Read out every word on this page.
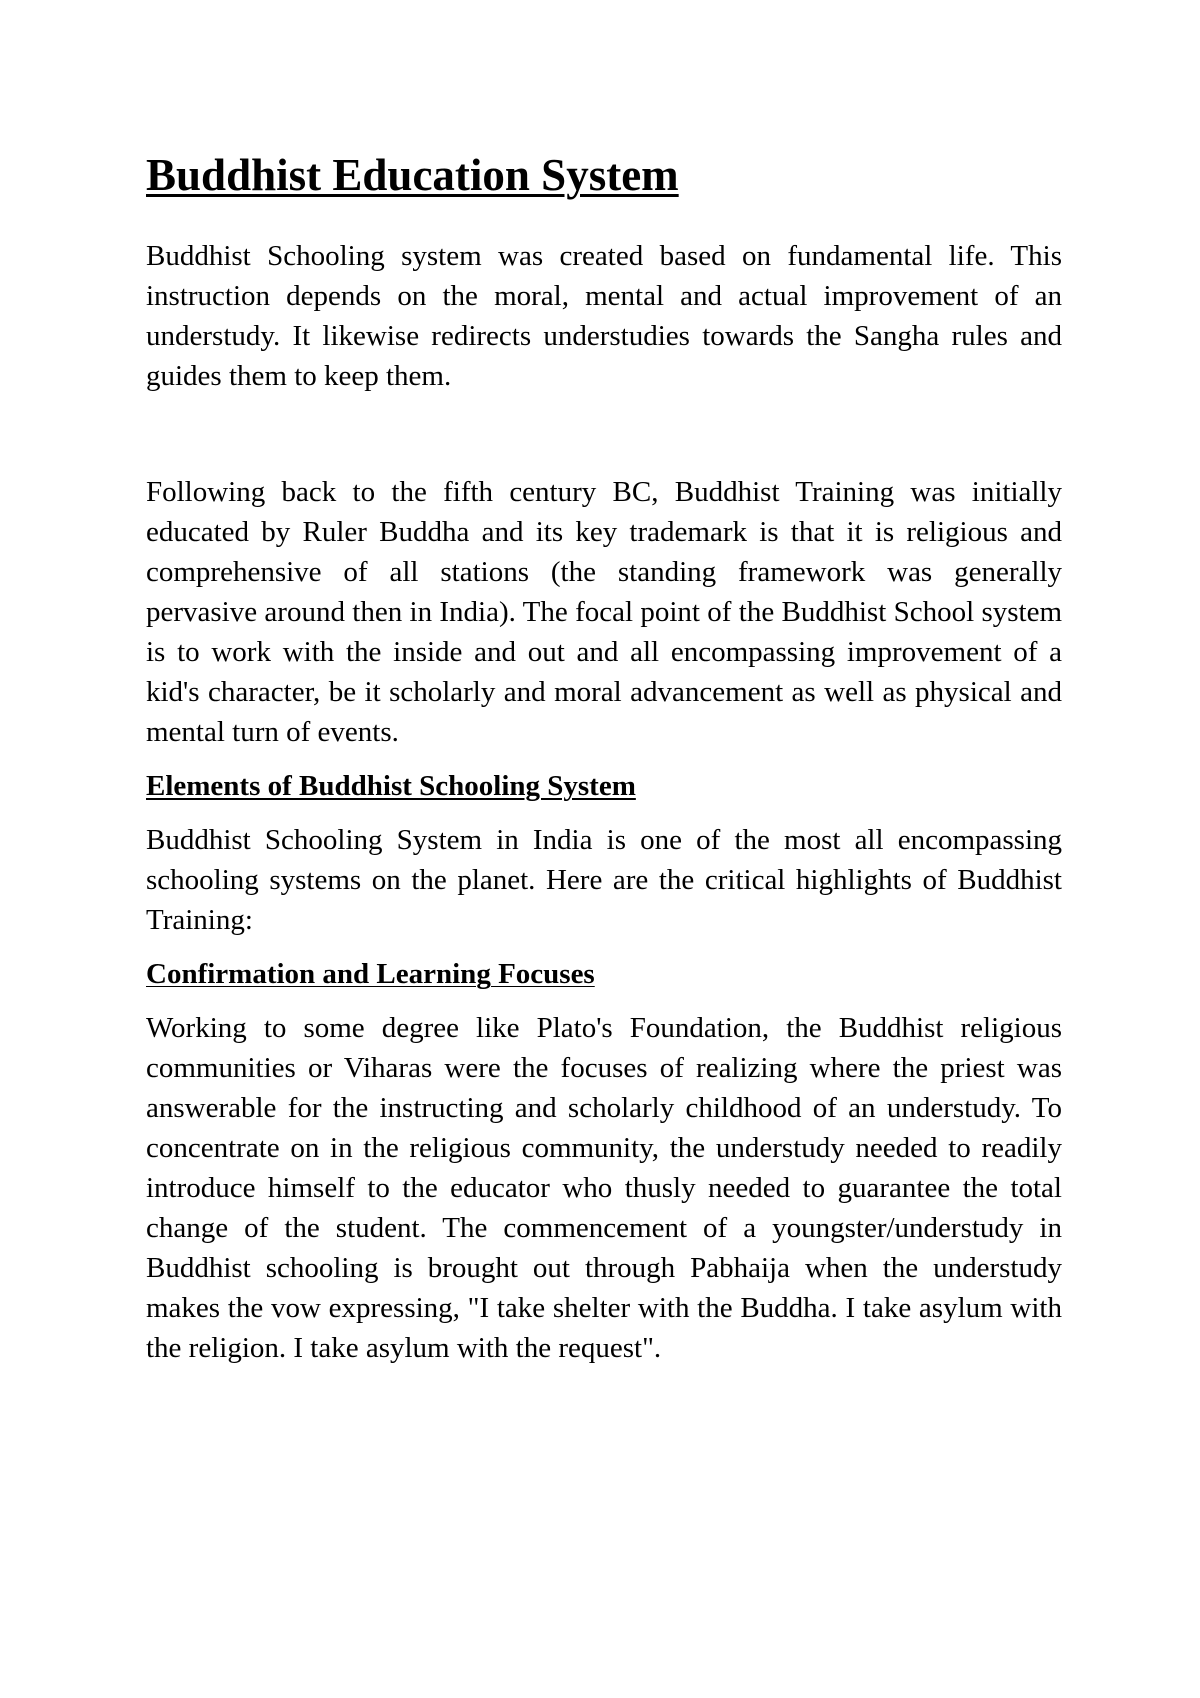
Buddhist Education System

Buddhist Schooling system was created based on fundamental life. This instruction depends on the moral, mental and actual improvement of an understudy. It likewise redirects understudies towards the Sangha rules and guides them to keep them.

Following back to the fifth century BC, Buddhist Training was initially educated by Ruler Buddha and its key trademark is that it is religious and comprehensive of all stations (the standing framework was generally pervasive around then in India). The focal point of the Buddhist School system is to work with the inside and out and all encompassing improvement of a kid's character, be it scholarly and moral advancement as well as physical and mental turn of events.

Elements of Buddhist Schooling System

Buddhist Schooling System in India is one of the most all encompassing schooling systems on the planet. Here are the critical highlights of Buddhist Training:

Confirmation and Learning Focuses

Working to some degree like Plato's Foundation, the Buddhist religious communities or Viharas were the focuses of realizing where the priest was answerable for the instructing and scholarly childhood of an understudy. To concentrate on in the religious community, the understudy needed to readily introduce himself to the educator who thusly needed to guarantee the total change of the student. The commencement of a youngster/understudy in Buddhist schooling is brought out through Pabhaija when the understudy makes the vow expressing, "I take shelter with the Buddha. I take asylum with the religion. I take asylum with the request".
